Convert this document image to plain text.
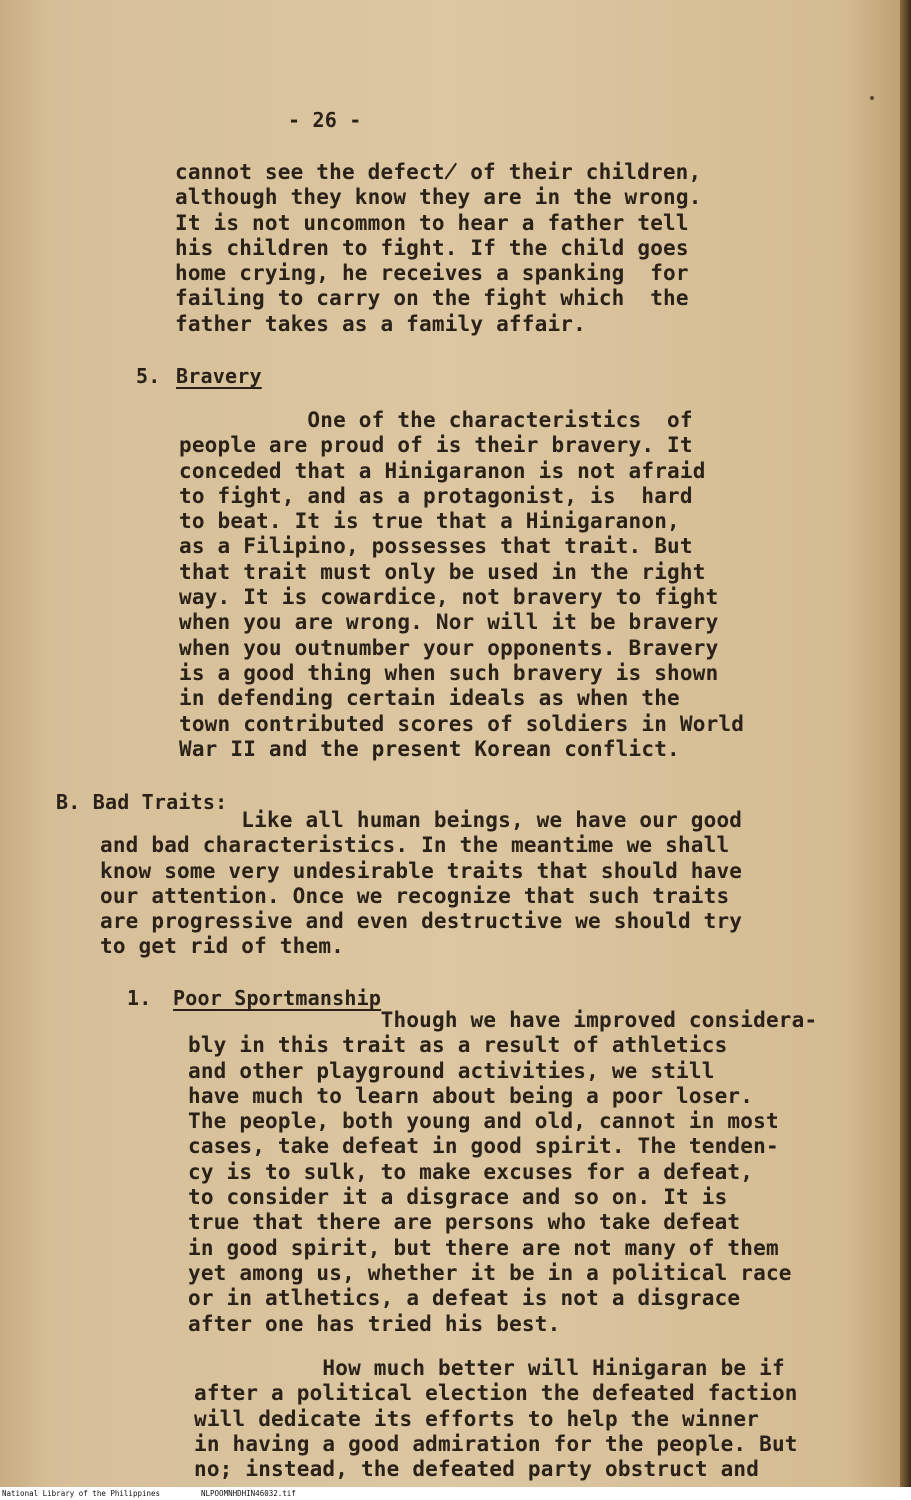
- 26 -
cannot see the defect̸ of their children,
although they know they are in the wrong.
It is not uncommon to hear a father tell
his children to fight. If the child goes
home crying, he receives a spanking  for
failing to carry on the fight which  the
father takes as a family affair.
5. Bravery
One of the characteristics  of
people are proud of is their bravery. It
conceded that a Hinigaranon is not afraid
to fight, and as a protagonist, is  hard
to beat. It is true that a Hinigaranon,
as a Filipino, possesses that trait. But
that trait must only be used in the right
way. It is cowardice, not bravery to fight
when you are wrong. Nor will it be bravery
when you outnumber your opponents. Bravery
is a good thing when such bravery is shown
in defending certain ideals as when the
town contributed scores of soldiers in World
War II and the present Korean conflict.
B. Bad Traits:
Like all human beings, we have our good
and bad characteristics. In the meantime we shall
know some very undesirable traits that should have
our attention. Once we recognize that such traits
are progressive and even destructive we should try
to get rid of them.
1. Poor Sportmanship
Though we have improved considera-
bly in this trait as a result of athletics
and other playground activities, we still
have much to learn about being a poor loser.
The people, both young and old, cannot in most
cases, take defeat in good spirit. The tenden-
cy is to sulk, to make excuses for a defeat,
to consider it a disgrace and so on. It is
true that there are persons who take defeat
in good spirit, but there are not many of them
yet among us, whether it be in a political race
or in atlhetics, a defeat is not a disgrace
after one has tried his best.
How much better will Hinigaran be if
after a political election the defeated faction
will dedicate its efforts to help the winner
in having a good admiration for the people. But
no; instead, the defeated party obstruct and
National Library of the Philippines	NLPOOMNHDHIN46032.tif
